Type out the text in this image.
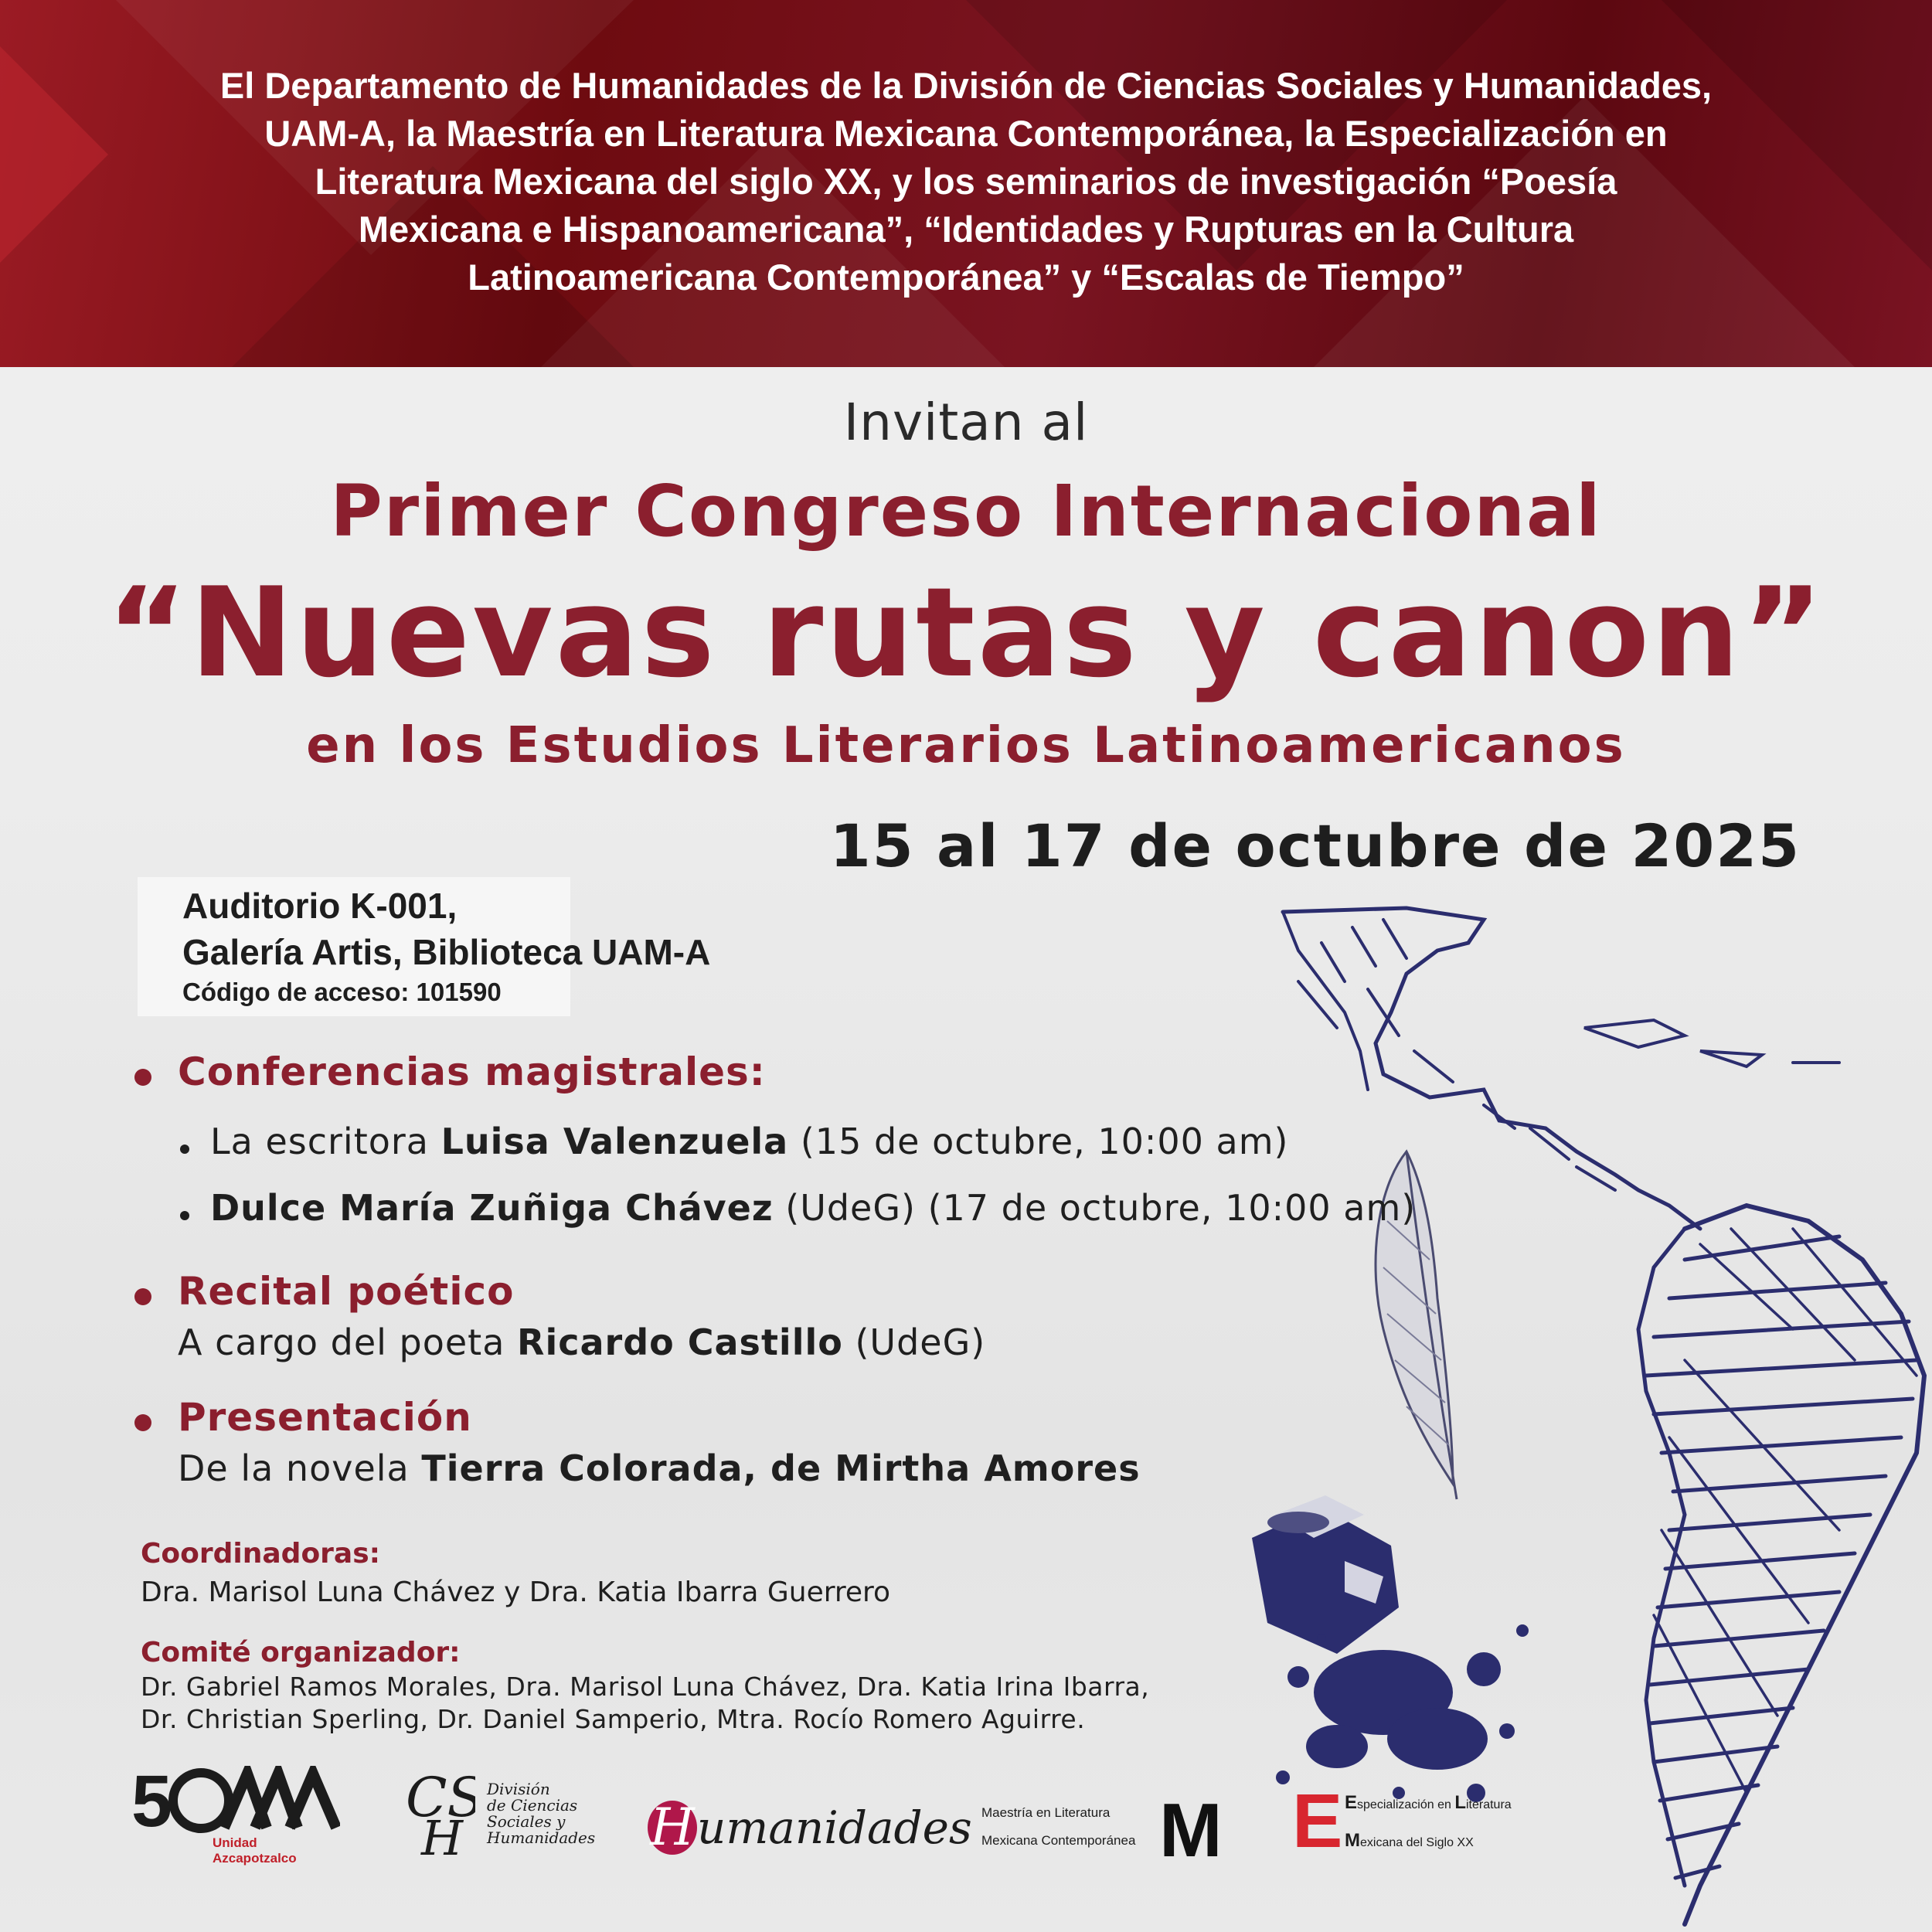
El Departamento de Humanidades de la División de Ciencias Sociales y Humanidades,
UAM-A, la Maestría en Literatura Mexicana Contemporánea, la Especialización en
Literatura Mexicana del siglo XX, y los seminarios de investigación “Poesía
Mexicana e Hispanoamericana”, “Identidades y Rupturas en la Cultura
Latinoamericana Contemporánea” y “Escalas de Tiempo”
Invitan al
Primer Congreso Internacional
“Nuevas rutas y canon”
en los Estudios Literarios Latinoamericanos
15 al 17 de octubre de 2025
Auditorio K-001,
Galería Artis, Biblioteca UAM-A
Código de acceso: 101590
Conferencias magistrales:
La escritora Luisa Valenzuela (15 de octubre, 10:00 am)
Dulce María Zuñiga Chávez (UdeG) (17 de octubre, 10:00 am)
Recital poético
A cargo del poeta Ricardo Castillo (UdeG)
Presentación
De la novela Tierra Colorada, de Mirtha Amores
Coordinadoras:
Dra. Marisol Luna Chávez y Dra. Katia Ibarra Guerrero
Comité organizador:
Dr. Gabriel Ramos Morales, Dra. Marisol Luna Chávez, Dra. Katia Irina Ibarra,
Dr. Christian Sperling, Dr. Daniel Samperio, Mtra. Rocío Romero Aguirre.
5
Unidad Azcapotzalco
C
H
División
de Ciencias
Sociales y
Humanidades Humanidades Maestría en Literatura
Mexicana Contemporánea M E Especialización en Literatura
Mexicana del Siglo XX
